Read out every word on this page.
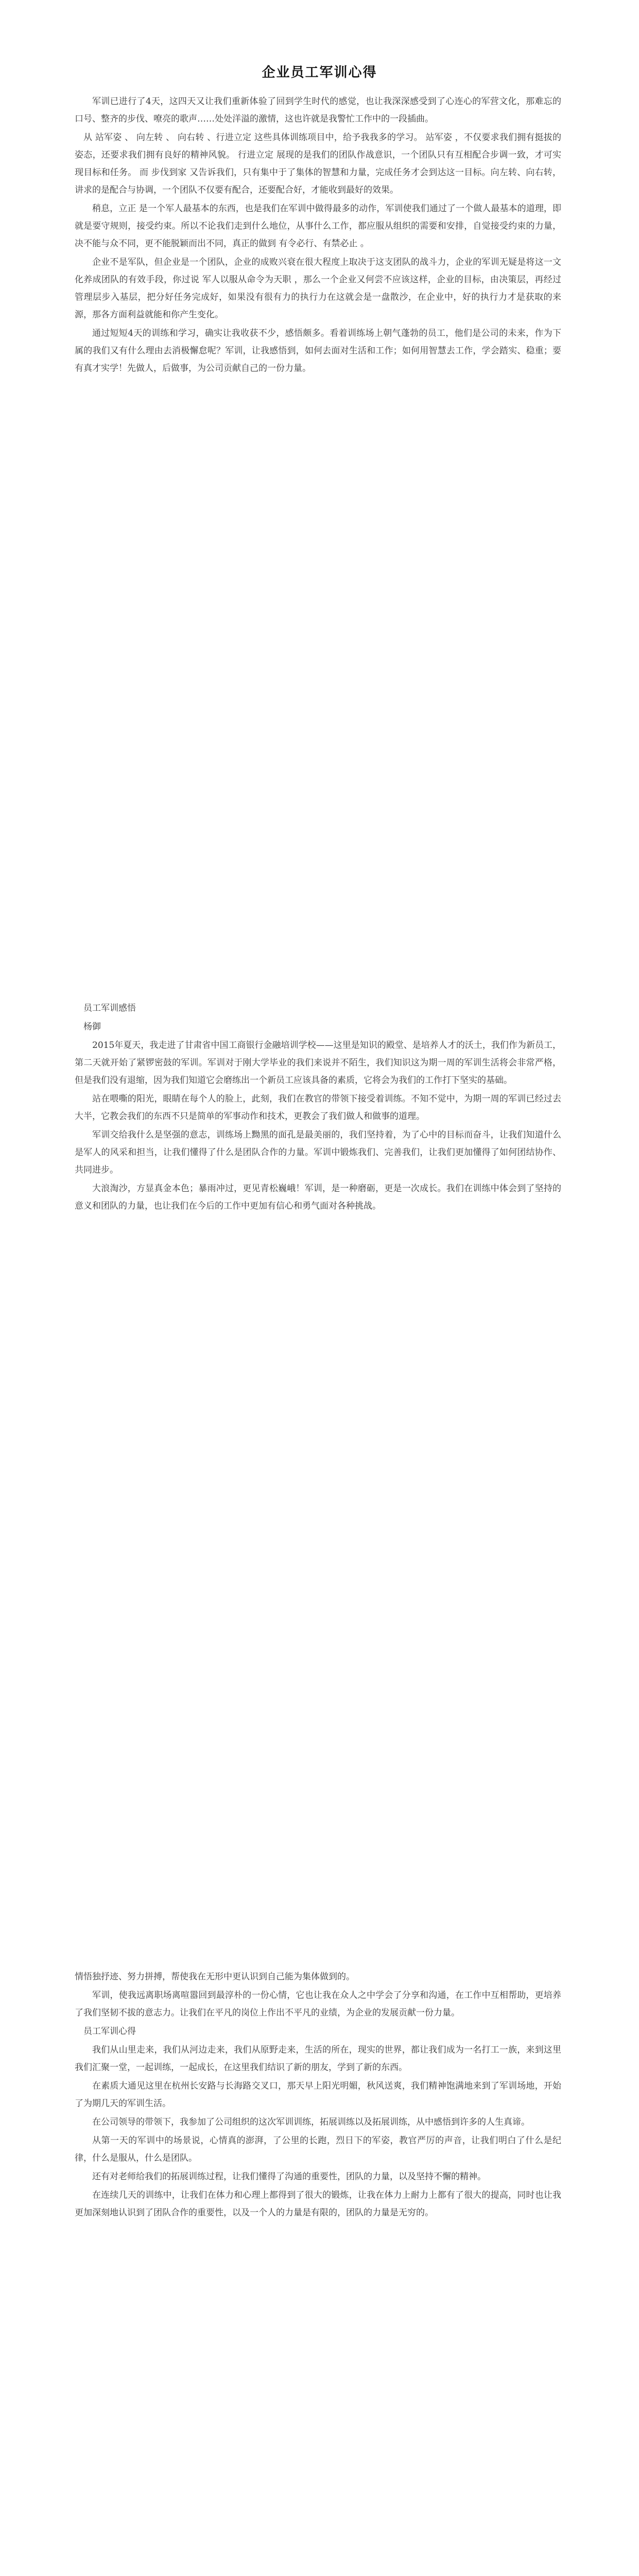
企业员工军训心得

军训已进行了4天，这四天又让我们重新体验了回到学生时代的感觉，也让我深深感受到了心连心的军营文化，那难忘的口号、整齐的步伐、嘹亮的歌声……处处洋溢的激情，这也许就是我警忙工作中的一段插曲。

从 站军姿 、 向左转 、 向右转 、行进立定 这些具体训练项目中，给予我我多的学习。 站军姿 ，不仅要求我们拥有挺拔的姿态，还要求我们拥有良好的精神风貌。 行进立定 展现的是我们的团队作战意识，一个团队只有互相配合步调一致，才可实现目标和任务。 而 步伐到家 又告诉我们，只有集中于了集体的智慧和力量，完成任务才会到达这一目标。向左转、向右转，讲求的是配合与协调，一个团队不仅要有配合，还要配合好，才能收到最好的效果。

稍息，立正 是一个军人最基本的东西，也是我们在军训中做得最多的动作，军训使我们通过了一个做人最基本的道理，即就是要守规则，接受约束。所以不论我们走到什么地位，从事什么工作，都应服从组织的需要和安排，自觉接受约束的力量，决不能与众不同，更不能脱颖而出不同，真正的做到 有令必行、有禁必止 。

企业不是军队，但企业是一个团队，企业的成败兴衰在很大程度上取决于这支团队的战斗力，企业的军训无疑是将这一文化养成团队的有效手段，你过说 军人以服从命令为天职 ，那么一个企业又何尝不应该这样，企业的目标，由决策层，再经过管理层步入基层，把分好任务完成好，如果没有很有力的执行力在这就会是一盘散沙，在企业中，好的执行力才是获取的来源，那各方面利益就能和你产生变化。

通过短短4天的训练和学习，确实让我收获不少，感悟颇多。看着训练场上朝气蓬勃的员工，他们是公司的未来，作为下属的我们又有什么理由去消极懈怠呢？军训，让我感悟到，如何去面对生活和工作；如何用智慧去工作，学会踏实、稳重；要有真才实学！先做人，后做事，为公司贡献自己的一份力量。

员工军训感悟

杨御

2015年夏天，我走进了甘肃省中国工商银行金融培训学校——这里是知识的殿堂、是培养人才的沃土，我们作为新员工，第二天就开始了紧锣密鼓的军训。军训对于刚大学毕业的我们来说并不陌生，我们知识这为期一周的军训生活将会非常严格，但是我们没有退缩，因为我们知道它会磨练出一个新员工应该具备的素质，它将会为我们的工作打下坚实的基础。

站在喂嘶的阳光，眼睛在每个人的脸上，此刻，我们在教官的带领下接受着训练。不知不觉中，为期一周的军训已经过去大半，它教会我们的东西不只是简单的军事动作和技术，更教会了我们做人和做事的道理。

军训交给我什么是坚强的意志，训练场上黝黑的面孔是最美丽的，我们坚持着，为了心中的目标而奋斗，让我们知道什么是军人的风采和担当，让我们懂得了什么是团队合作的力量。军训中锻炼我们、完善我们，让我们更加懂得了如何团结协作、共同进步。

大浪淘沙，方显真金本色；暴雨冲过，更见青松巍峨！军训，是一种磨砺，更是一次成长。我们在训练中体会到了坚持的意义和团队的力量，也让我们在今后的工作中更加有信心和勇气面对各种挑战。

情悟独抒迹、努力拼搏，帮使我在无形中更认识到自己能为集体做到的。

军训，使我远离职场离喧嚣回到最淳朴的一份心情，它也让我在众人之中学会了分享和沟通，在工作中互相帮助，更培养了我们坚韧不拔的意志力。让我们在平凡的岗位上作出不平凡的业绩，为企业的发展贡献一份力量。

员工军训心得

我们从山里走来，我们从河边走来，我们从原野走来，生活的所在，现实的世界，都让我们成为一名打工一族，来到这里我们汇聚一堂，一起训练，一起成长，在这里我们结识了新的朋友，学到了新的东西。

在素质大通见这里在杭州长安路与长海路交叉口，那天早上阳光明媚，秋风送爽，我们精神饱满地来到了军训场地，开始了为期几天的军训生活。

在公司领导的带领下，我参加了公司组织的这次军训训练，拓展训练以及拓展训练，从中感悟到许多的人生真谛。

从第一天的军训中的场景说，心情真的澎湃，了公里的长跑，烈日下的军姿，教官严厉的声音，让我们明白了什么是纪律，什么是服从，什么是团队。

还有对老师给我们的拓展训练过程，让我们懂得了沟通的重要性，团队的力量，以及坚持不懈的精神。

在连续几天的训练中，让我们在体力和心理上都得到了很大的锻炼，让我在体力上耐力上都有了很大的提高，同时也让我更加深刻地认识到了团队合作的重要性，以及一个人的力量是有限的，团队的力量是无穷的。
